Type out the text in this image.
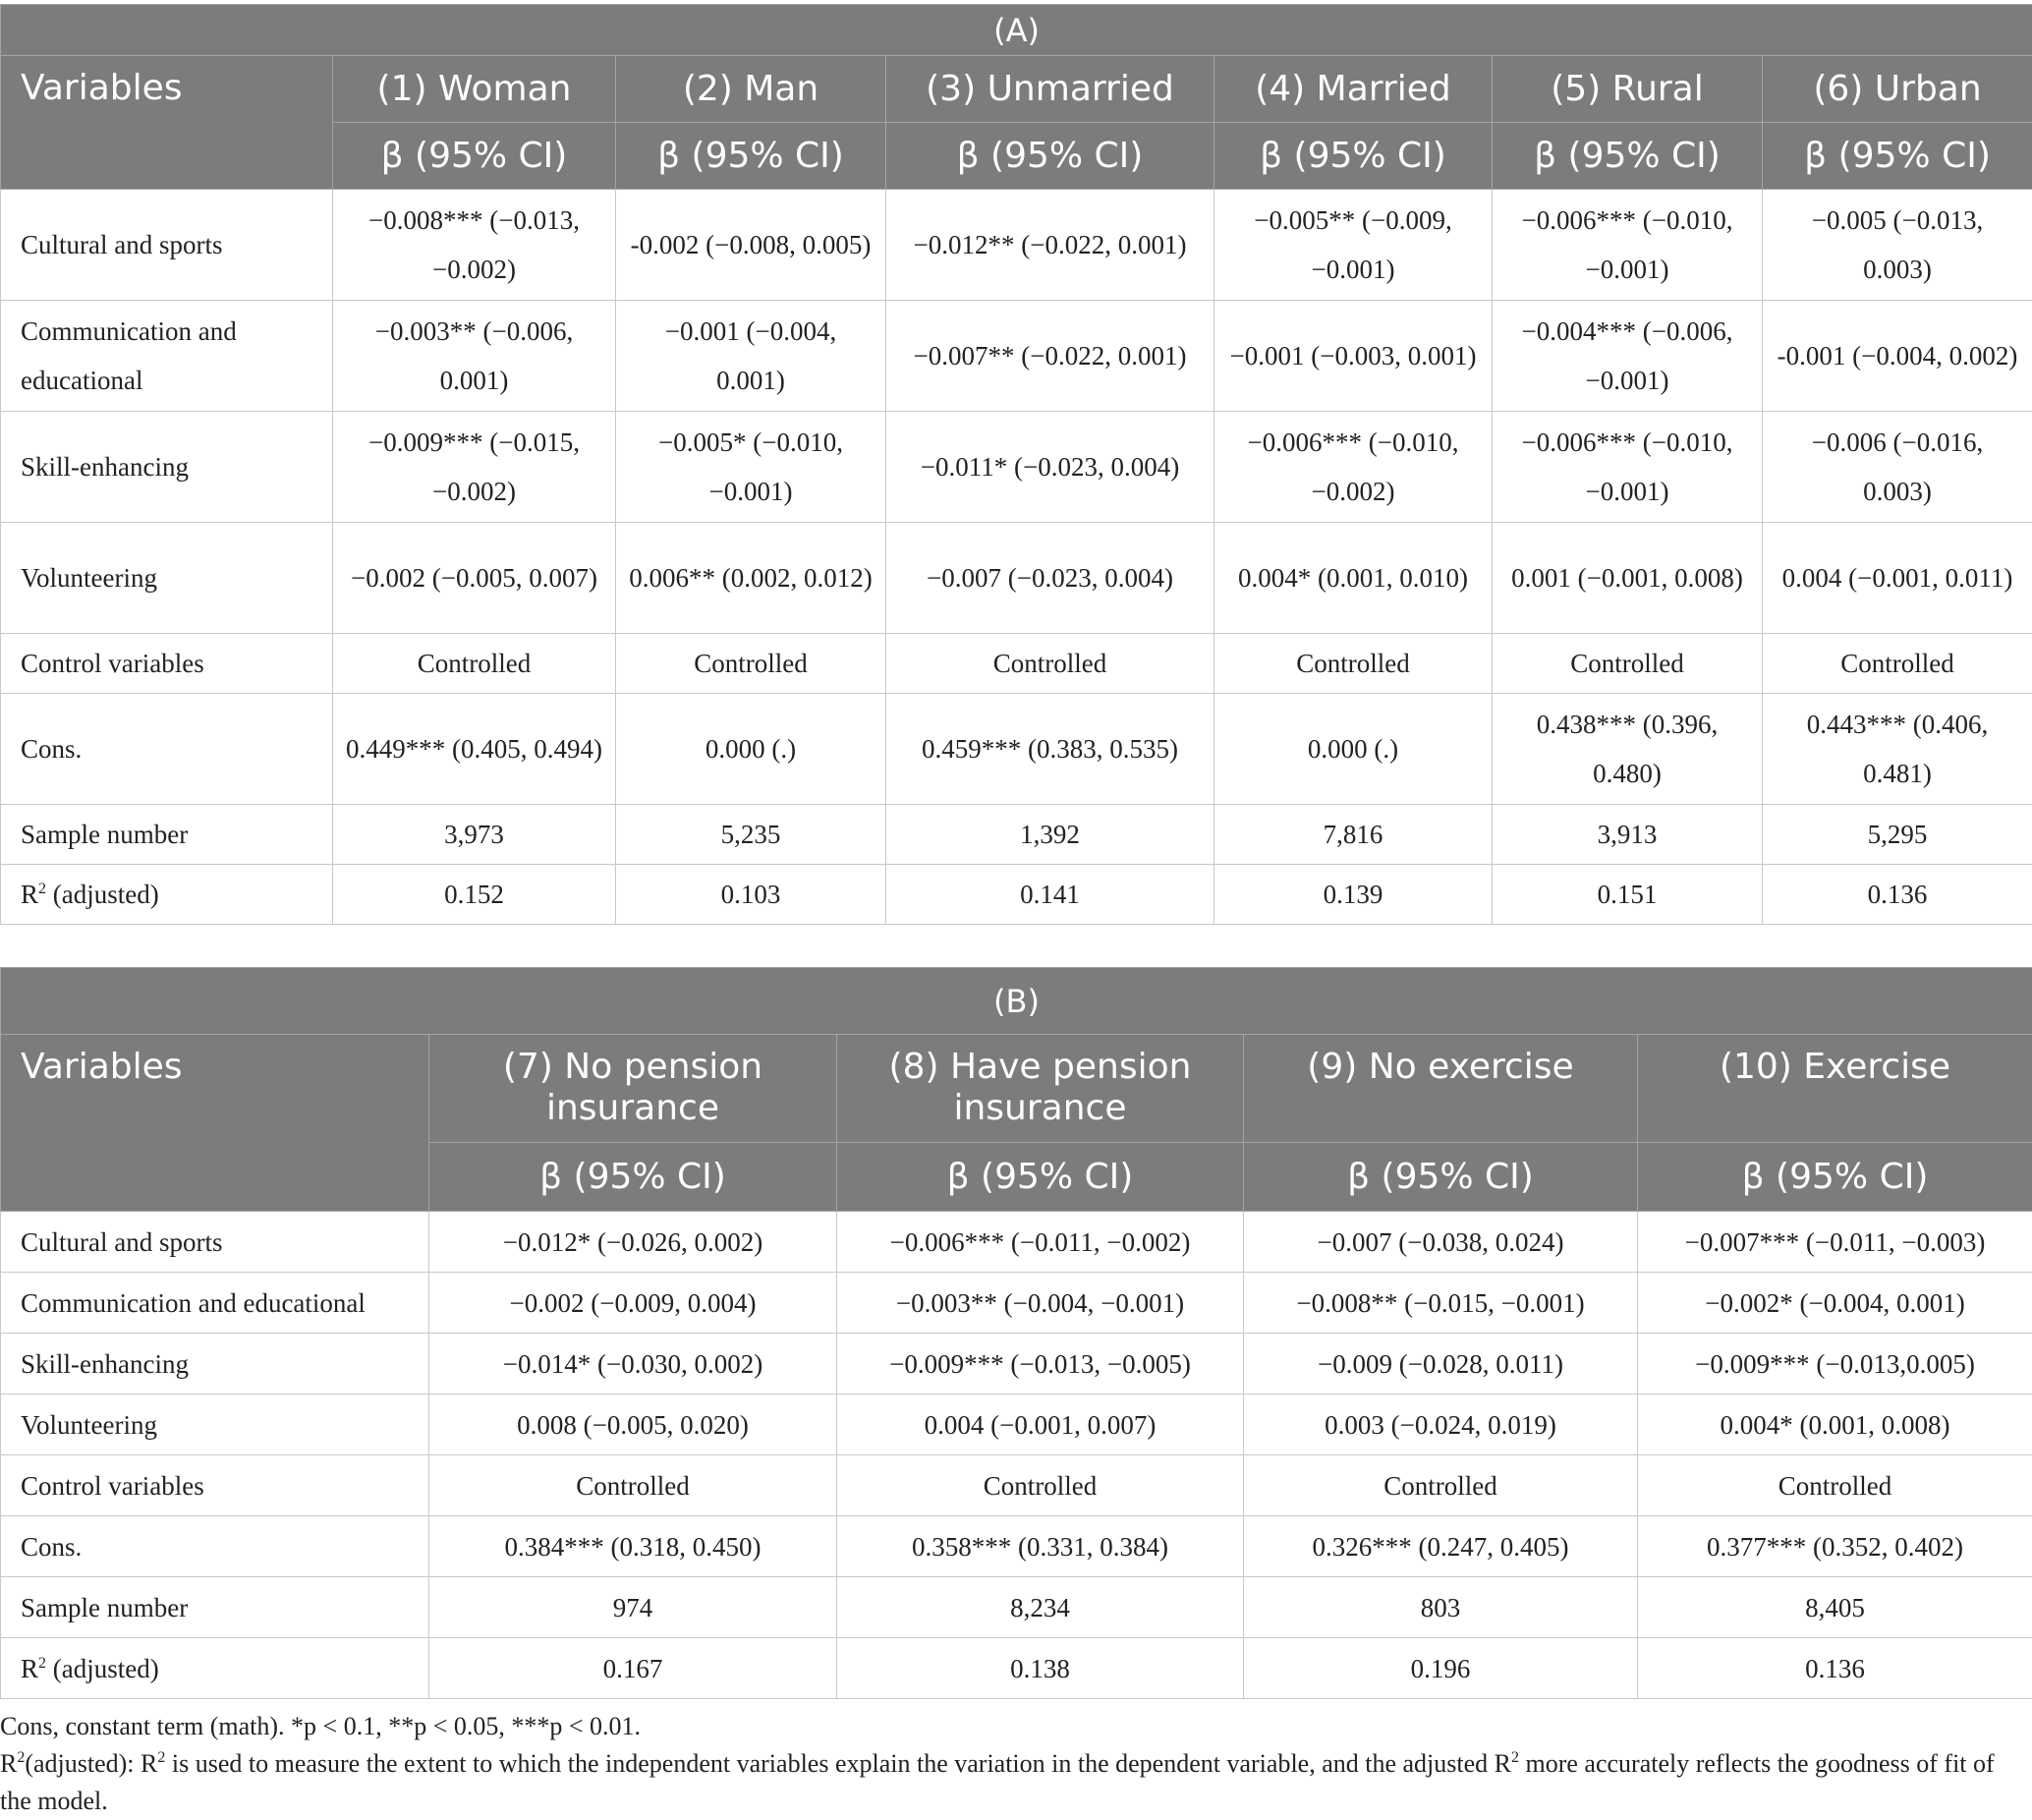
(A)						
Variables	(1) Woman	(2) Man	(3) Unmarried	(4) Married	(5) Rural	(6) Urban
	β (95% CI)	β (95% CI)	β (95% CI)	β (95% CI)	β (95% CI)	β (95% CI)
Cultural and sports	−0.008*** (−0.013, −0.002)	-0.002 (−0.008, 0.005)	−0.012** (−0.022, 0.001)	−0.005** (−0.009, −0.001)	−0.006*** (−0.010, −0.001)	−0.005 (−0.013, 0.003)
Communication and educational	−0.003** (−0.006, 0.001)	−0.001 (−0.004, 0.001)	−0.007** (−0.022, 0.001)	−0.001 (−0.003, 0.001)	−0.004*** (−0.006, −0.001)	-0.001 (−0.004, 0.002)
Skill-enhancing	−0.009*** (−0.015, −0.002)	−0.005* (−0.010, −0.001)	−0.011* (−0.023, 0.004)	−0.006*** (−0.010, −0.002)	−0.006*** (−0.010, −0.001)	−0.006 (−0.016, 0.003)
Volunteering	−0.002 (−0.005, 0.007)	0.006** (0.002, 0.012)	−0.007 (−0.023, 0.004)	0.004* (0.001, 0.010)	0.001 (−0.001, 0.008)	0.004 (−0.001, 0.011)
Control variables	Controlled	Controlled	Controlled	Controlled	Controlled	Controlled
Cons.	0.449*** (0.405, 0.494)	0.000 (.)	0.459*** (0.383, 0.535)	0.000 (.)	0.438*** (0.396, 0.480)	0.443*** (0.406, 0.481)
Sample number	3,973	5,235	1,392	7,816	3,913	5,295
$R^2$ (adjusted)	0.152	0.103	0.141	0.139	0.151	0.136
(B)				
Variables	(7) No pension insurance	(8) Have pension insurance	(9) No exercise	(10) Exercise
	β (95% CI)	β (95% CI)	β (95% CI)	β (95% CI)
Cultural and sports	−0.012* (−0.026, 0.002)	−0.006*** (−0.011, −0.002)	−0.007 (−0.038, 0.024)	−0.007*** (−0.011, −0.003)
Communication and educational	−0.002 (−0.009, 0.004)	−0.003** (−0.004, −0.001)	−0.008** (−0.015, −0.001)	−0.002* (−0.004, 0.001)
Skill-enhancing	−0.014* (−0.030, 0.002)	−0.009*** (−0.013, −0.005)	−0.009 (−0.028, 0.011)	−0.009*** (−0.013,0.005)
Volunteering	0.008 (−0.005, 0.020)	0.004 (−0.001, 0.007)	0.003 (−0.024, 0.019)	0.004* (0.001, 0.008)
Control variables	Controlled	Controlled	Controlled	Controlled
Cons.	0.384*** (0.318, 0.450)	0.358*** (0.331, 0.384)	0.326*** (0.247, 0.405)	0.377*** (0.352, 0.402)
Sample number	974	8,234	803	8,405
$R^2$ (adjusted)	0.167	0.138	0.196	0.136

Cons, constant term (math). *p < 0.1, **p < 0.05, ***p < 0.01.

$R^2(adjusted)$: $R^2$ is used to measure the extent to which the independent variables explain the variation in the dependent variable, and the adjusted $R^2$ more accurately reflects the goodness of fit of the model.
